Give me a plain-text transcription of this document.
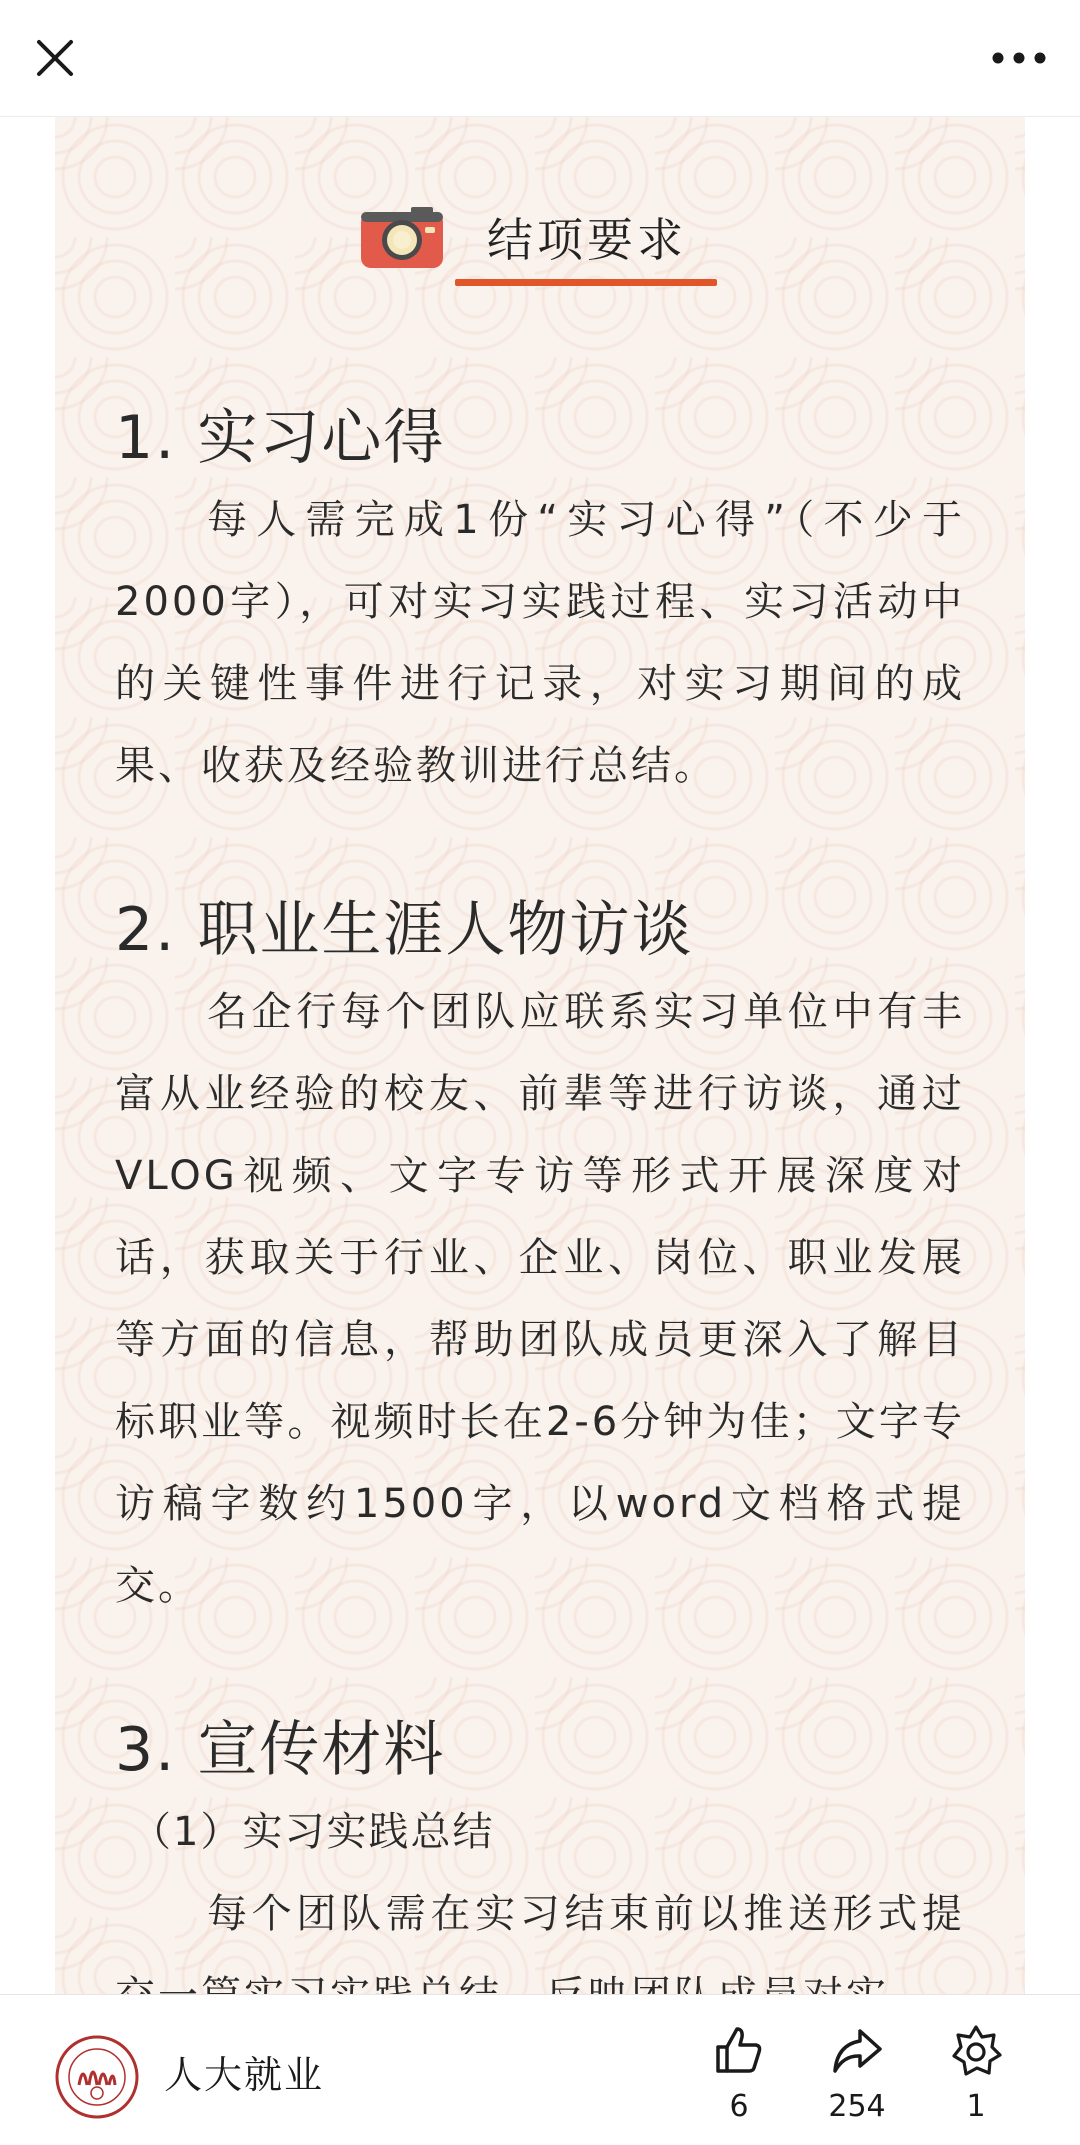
结项要求
1. 实习心得

每人需完成1份“实习心得”（不少于2000字），可对实习实践过程、实习活动中的关键性事件进行记录，对实习期间的成果、收获及经验教训进行总结。

2. 职业生涯人物访谈

名企行每个团队应联系实习单位中有丰富从业经验的校友、前辈等进行访谈，通过VLOG视频、文字专访等形式开展深度对话，获取关于行业、企业、岗位、职业发展等方面的信息，帮助团队成员更深入了解目标职业等。视频时长在2-6分钟为佳；文字专访稿字数约1500字，以word文档格式提交。

3. 宣传材料
（1）实习实践总结

每个团队需在实习结束前以推送形式提

人大就业
6	254	1
